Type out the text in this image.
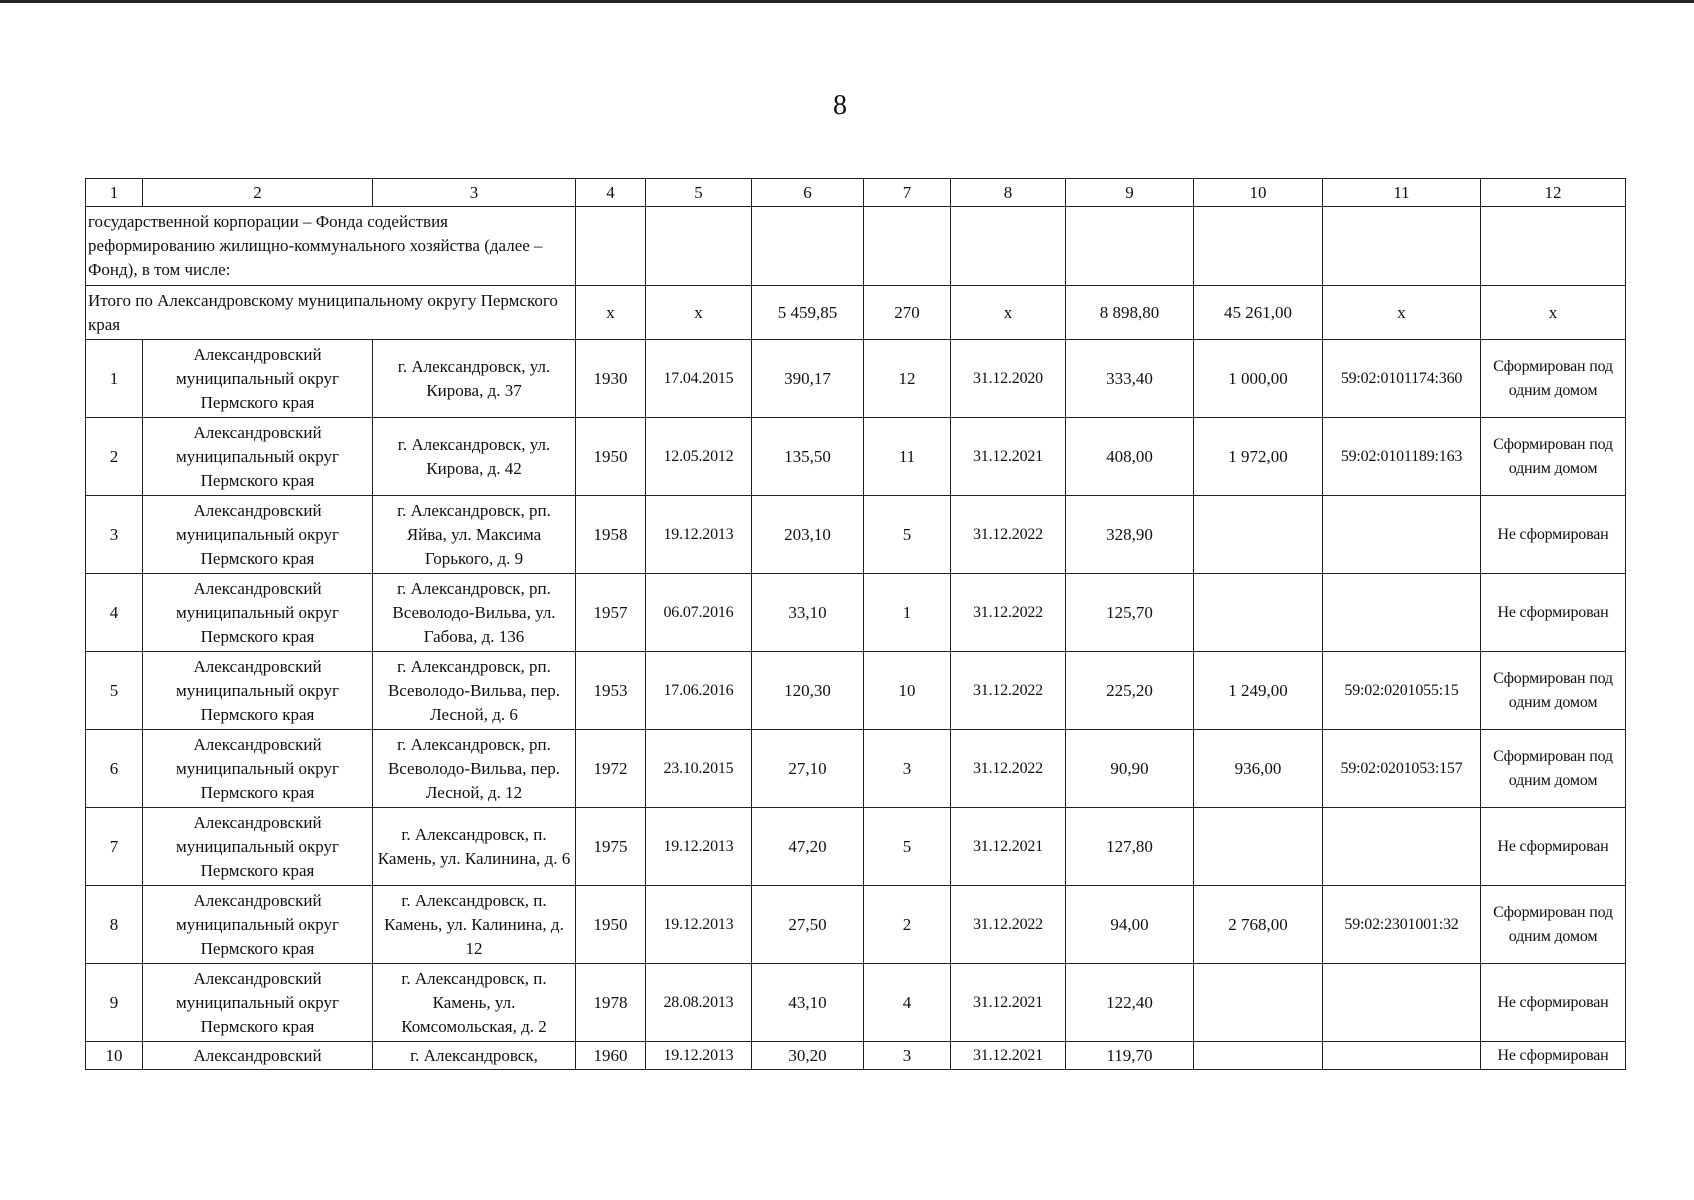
8
1	2	3	4	5	6	7	8	9	10	11	12
государственной корпорации – Фонда содействия реформированию жилищно-коммунального хозяйства (далее – Фонд), в том числе:											
Итого по Александровскому муниципальному округу Пермского края			х	х	5 459,85	270	х	8 898,80	45 261,00	х	х
1	Александровский муниципальный округ Пермского края	г. Александровск, ул. Кирова, д. 37	1930	17.04.2015	390,17	12	31.12.2020	333,40	1 000,00	59:02:0101174:360	Сформирован под одним домом
2	Александровский муниципальный округ Пермского края	г. Александровск, ул. Кирова, д. 42	1950	12.05.2012	135,50	11	31.12.2021	408,00	1 972,00	59:02:0101189:163	Сформирован под одним домом
3	Александровский муниципальный округ Пермского края	г. Александровск, рп. Яйва, ул. Максима Горького, д. 9	1958	19.12.2013	203,10	5	31.12.2022	328,90			Не сформирован
4	Александровский муниципальный округ Пермского края	г. Александровск, рп. Всеволодо-Вильва, ул. Габова, д. 136	1957	06.07.2016	33,10	1	31.12.2022	125,70			Не сформирован
5	Александровский муниципальный округ Пермского края	г. Александровск, рп. Всеволодо-Вильва, пер. Лесной, д. 6	1953	17.06.2016	120,30	10	31.12.2022	225,20	1 249,00	59:02:0201055:15	Сформирован под одним домом
6	Александровский муниципальный округ Пермского края	г. Александровск, рп. Всеволодо-Вильва, пер. Лесной, д. 12	1972	23.10.2015	27,10	3	31.12.2022	90,90	936,00	59:02:0201053:157	Сформирован под одним домом
7	Александровский муниципальный округ Пермского края	г. Александровск, п. Камень, ул. Калинина, д. 6	1975	19.12.2013	47,20	5	31.12.2021	127,80			Не сформирован
8	Александровский муниципальный округ Пермского края	г. Александровск, п. Камень, ул. Калинина, д. 12	1950	19.12.2013	27,50	2	31.12.2022	94,00	2 768,00	59:02:2301001:32	Сформирован под одним домом
9	Александровский муниципальный округ Пермского края	г. Александровск, п. Камень, ул. Комсомольская, д. 2	1978	28.08.2013	43,10	4	31.12.2021	122,40			Не сформирован
10	Александровский	г. Александровск,	1960	19.12.2013	30,20	3	31.12.2021	119,70			Не сформирован
